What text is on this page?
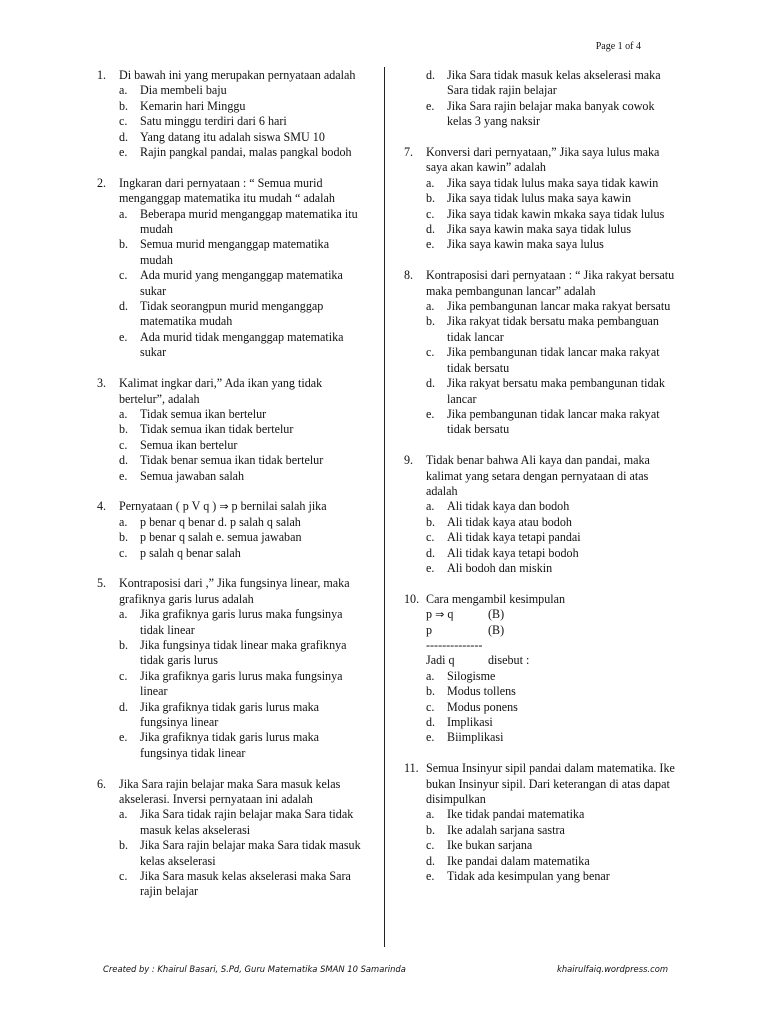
Page 1 of 4
1.	Di bawah ini yang merupakan pernyataan adalah
a.	Dia membeli baju
b. Kemarin hari Minggu
c.	Satu minggu terdiri dari 6 hari
d. Yang datang itu adalah siswa SMU 10
e.	Rajin pangkal pandai, malas pangkal bodoh
2.	Ingkaran dari pernyataan : “ Semua murid menganggap matematika itu mudah “ adalah
a.	Beberapa murid menganggap matematika itu mudah
b. Semua murid menganggap matematika mudah
c.	Ada murid yang menganggap matematika sukar
d. Tidak seorangpun murid menganggap matematika mudah
e.	Ada murid tidak menganggap matematika sukar
3.	Kalimat ingkar dari,” Ada ikan yang tidak bertelur”, adalah
a.	Tidak semua ikan bertelur
b. Tidak semua ikan tidak bertelur
c.	Semua ikan bertelur
d. Tidak benar semua ikan tidak bertelur
e.	Semua jawaban salah
4.	Pernyataan ( p V q ) ⇒ p bernilai salah jika
a.	p benar q benar d. p salah q salah
b. p benar q salah e. semua jawaban
c.	p salah q benar salah
5.	Kontraposisi dari ,” Jika fungsinya linear, maka grafiknya garis lurus adalah
a.	Jika grafiknya garis lurus maka fungsinya tidak linear
b. Jika fungsinya tidak linear maka grafiknya tidak garis lurus
c.	Jika grafiknya garis lurus maka fungsinya linear
d. Jika grafiknya tidak garis lurus maka fungsinya linear
e.	Jika grafiknya tidak garis lurus maka fungsinya tidak linear
6.	Jika Sara rajin belajar maka Sara masuk kelas akselerasi. Inversi pernyataan ini adalah
a.	Jika Sara tidak rajin belajar maka Sara tidak masuk kelas akselerasi
b. Jika Sara rajin belajar maka Sara tidak masuk kelas akselerasi
c.	Jika Sara masuk kelas akselerasi maka Sara rajin belajar
d. Jika Sara tidak masuk kelas akselerasi maka Sara tidak rajin belajar
e.	Jika Sara rajin belajar maka banyak cowok kelas 3 yang naksir
7.	Konversi dari pernyataan,” Jika saya lulus maka saya akan kawin” adalah
a.	Jika saya tidak lulus maka saya tidak kawin
b. Jika saya tidak lulus maka saya kawin
c.	Jika saya tidak kawin mkaka saya tidak lulus
d. Jika saya kawin maka saya tidak lulus
e.	Jika saya kawin maka saya lulus
8.	Kontraposisi dari pernyataan : “ Jika rakyat bersatu maka pembangunan lancar” adalah
a.	Jika pembangunan lancar maka rakyat bersatu
b. Jika rakyat tidak bersatu maka pembanguan tidak lancar
c.	Jika pembangunan tidak lancar maka rakyat tidak bersatu
d. Jika rakyat bersatu maka pembangunan tidak lancar
e.	Jika pembangunan tidak lancar maka rakyat tidak bersatu
9.	Tidak benar bahwa Ali kaya dan pandai, maka kalimat yang setara dengan pernyataan di atas adalah
a.	Ali tidak kaya dan bodoh
b. Ali tidak kaya atau bodoh
c.	Ali tidak kaya tetapi pandai
d. Ali tidak kaya tetapi bodoh
e.	Ali bodoh dan miskin
10. Cara mengambil kesimpulan
p ⇒ q	(B)
p	(B)
--------------
Jadi q	disebut :
a.	Silogisme
b. Modus tollens
c.	Modus ponens
d. Implikasi
e.	Biimplikasi
11. Semua Insinyur sipil pandai dalam matematika. Ike bukan Insinyur sipil. Dari keterangan di atas dapat disimpulkan
a.	Ike tidak pandai matematika
b. Ike adalah sarjana sastra
c.	Ike bukan sarjana
d. Ike pandai dalam matematika
e.	Tidak ada kesimpulan yang benar
Created by : Khairul Basari, S.Pd, Guru Matematika SMAN 10 Samarinda	khairulfaiq.wordpress.com
